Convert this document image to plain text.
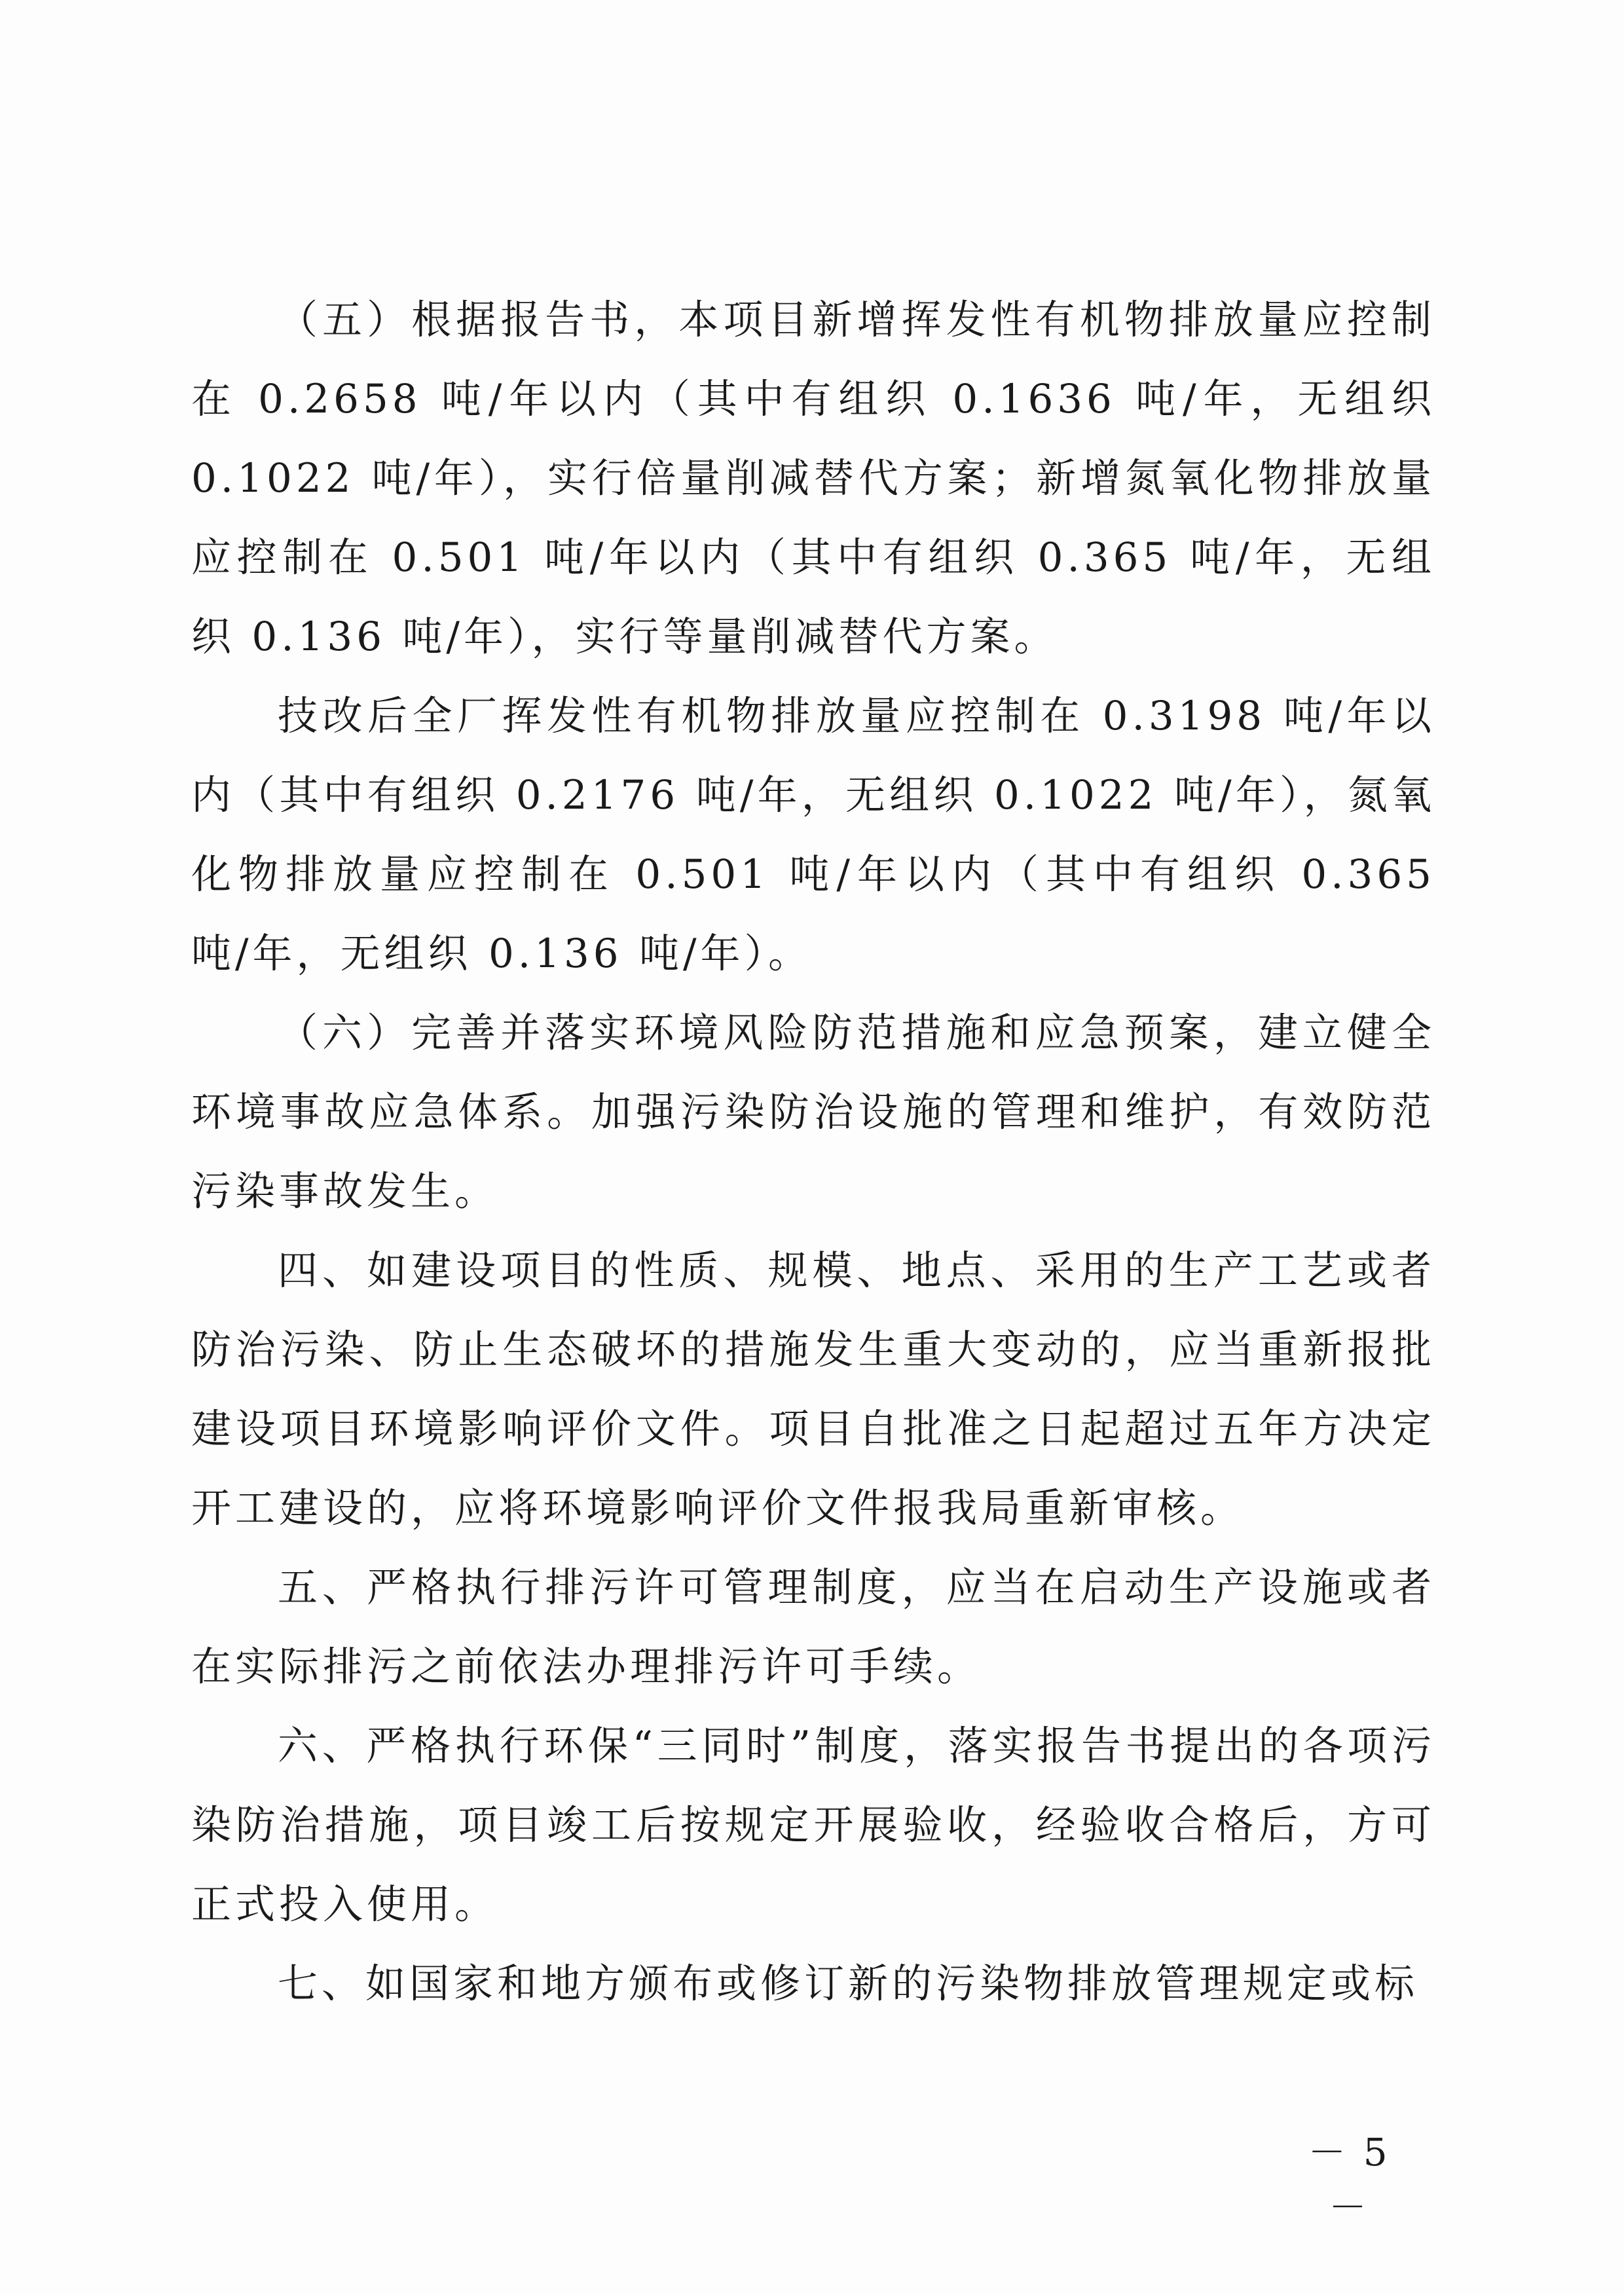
（五）根据报告书，本项目新增挥发性有机物排放量应控制在 0.2658 吨/年以内（其中有组织 0.1636 吨/年，无组织 0.1022 吨/年），实行倍量削减替代方案；新增氮氧化物排放量应控制在 0.501 吨/年以内（其中有组织 0.365 吨/年，无组织 0.136 吨/年），实行等量削减替代方案。

技改后全厂挥发性有机物排放量应控制在 0.3198 吨/年以内（其中有组织 0.2176 吨/年，无组织 0.1022 吨/年），氮氧化物排放量应控制在 0.501 吨/年以内（其中有组织 0.365 吨/年，无组织 0.136 吨/年）。

（六）完善并落实环境风险防范措施和应急预案，建立健全环境事故应急体系。加强污染防治设施的管理和维护，有效防范污染事故发生。

四、如建设项目的性质、规模、地点、采用的生产工艺或者防治污染、防止生态破坏的措施发生重大变动的，应当重新报批建设项目环境影响评价文件。项目自批准之日起超过五年方决定开工建设的，应将环境影响评价文件报我局重新审核。

五、严格执行排污许可管理制度，应当在启动生产设施或者在实际排污之前依法办理排污许可手续。

六、严格执行环保“三同时”制度，落实报告书提出的各项污染防治措施，项目竣工后按规定开展验收，经验收合格后，方可正式投入使用。

七、如国家和地方颁布或修订新的污染物排放管理规定或标

－ 5 －
